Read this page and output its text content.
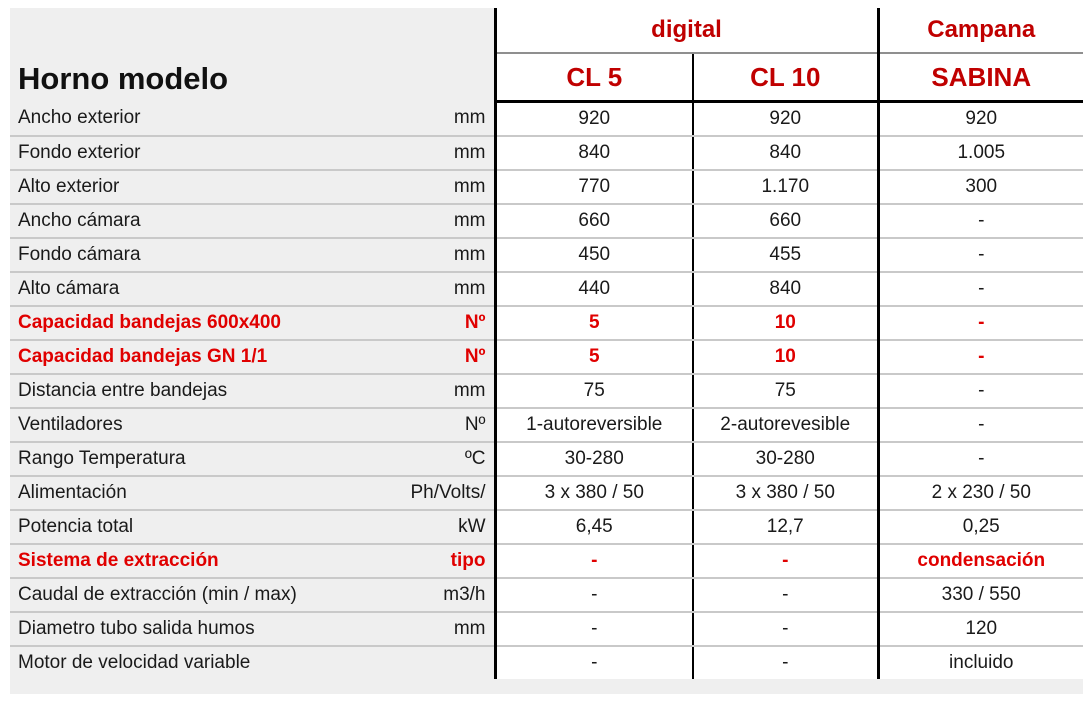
Horno modelo	digital		Campana
	CL 5	CL 10	SABINA

Ancho exterior mm	920	920	920

Fondo exterior mm	840	840	1.005

Alto exterior mm	770	1.170	300

Ancho cámara mm	660	660	-

Fondo cámara mm	450	455	-

Alto cámara mm	440	840	-

Capacidad bandejas 600x400 Nº	5	10	-

Capacidad bandejas GN 1/1 Nº	5	10	-

Distancia entre bandejas mm	75	75	-

Ventiladores Nº	1-autoreversible	2-autorevesible	-

Rango Temperatura ºC	30-280	30-280	-

Alimentación Ph/Volts/	3 x 380 / 50	3 x 380 / 50	2 x 230 / 50

Potencia total kW	6,45	12,7	0,25

Sistema de extracción tipo	-	-	condensación

Caudal de extracción (min / max) m3/h	-	-	330 / 550

Diametro tubo salida humos mm	-	-	120

Motor de velocidad variable	-	-	incluido
